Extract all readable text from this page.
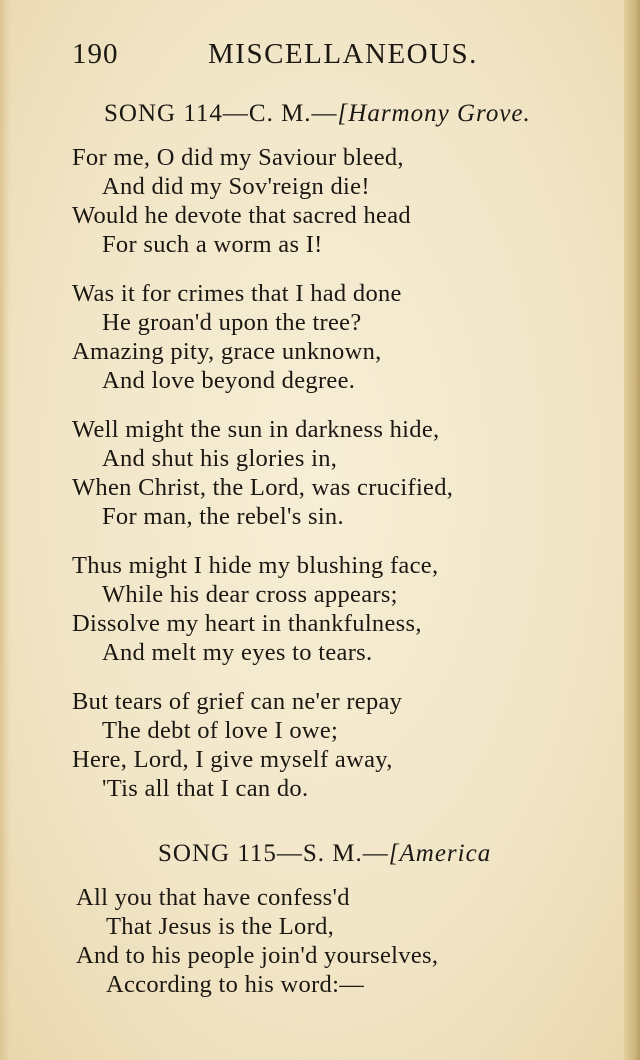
190	MISCELLANEOUS.
SONG 114—C. M.—[Harmony Grove.
For me, O did my Saviour bleed,
And did my Sov'reign die!
Would he devote that sacred head
For such a worm as I!
Was it for crimes that I had done
He groan'd upon the tree?
Amazing pity, grace unknown,
And love beyond degree.
Well might the sun in darkness hide,
And shut his glories in,
When Christ, the Lord, was crucified,
For man, the rebel's sin.
Thus might I hide my blushing face,
While his dear cross appears;
Dissolve my heart in thankfulness,
And melt my eyes to tears.
But tears of grief can ne'er repay
The debt of love I owe;
Here, Lord, I give myself away,
'Tis all that I can do.
SONG 115—S. M.—[America
All you that have confess'd
That Jesus is the Lord,
And to his people join'd yourselves,
According to his word:—
